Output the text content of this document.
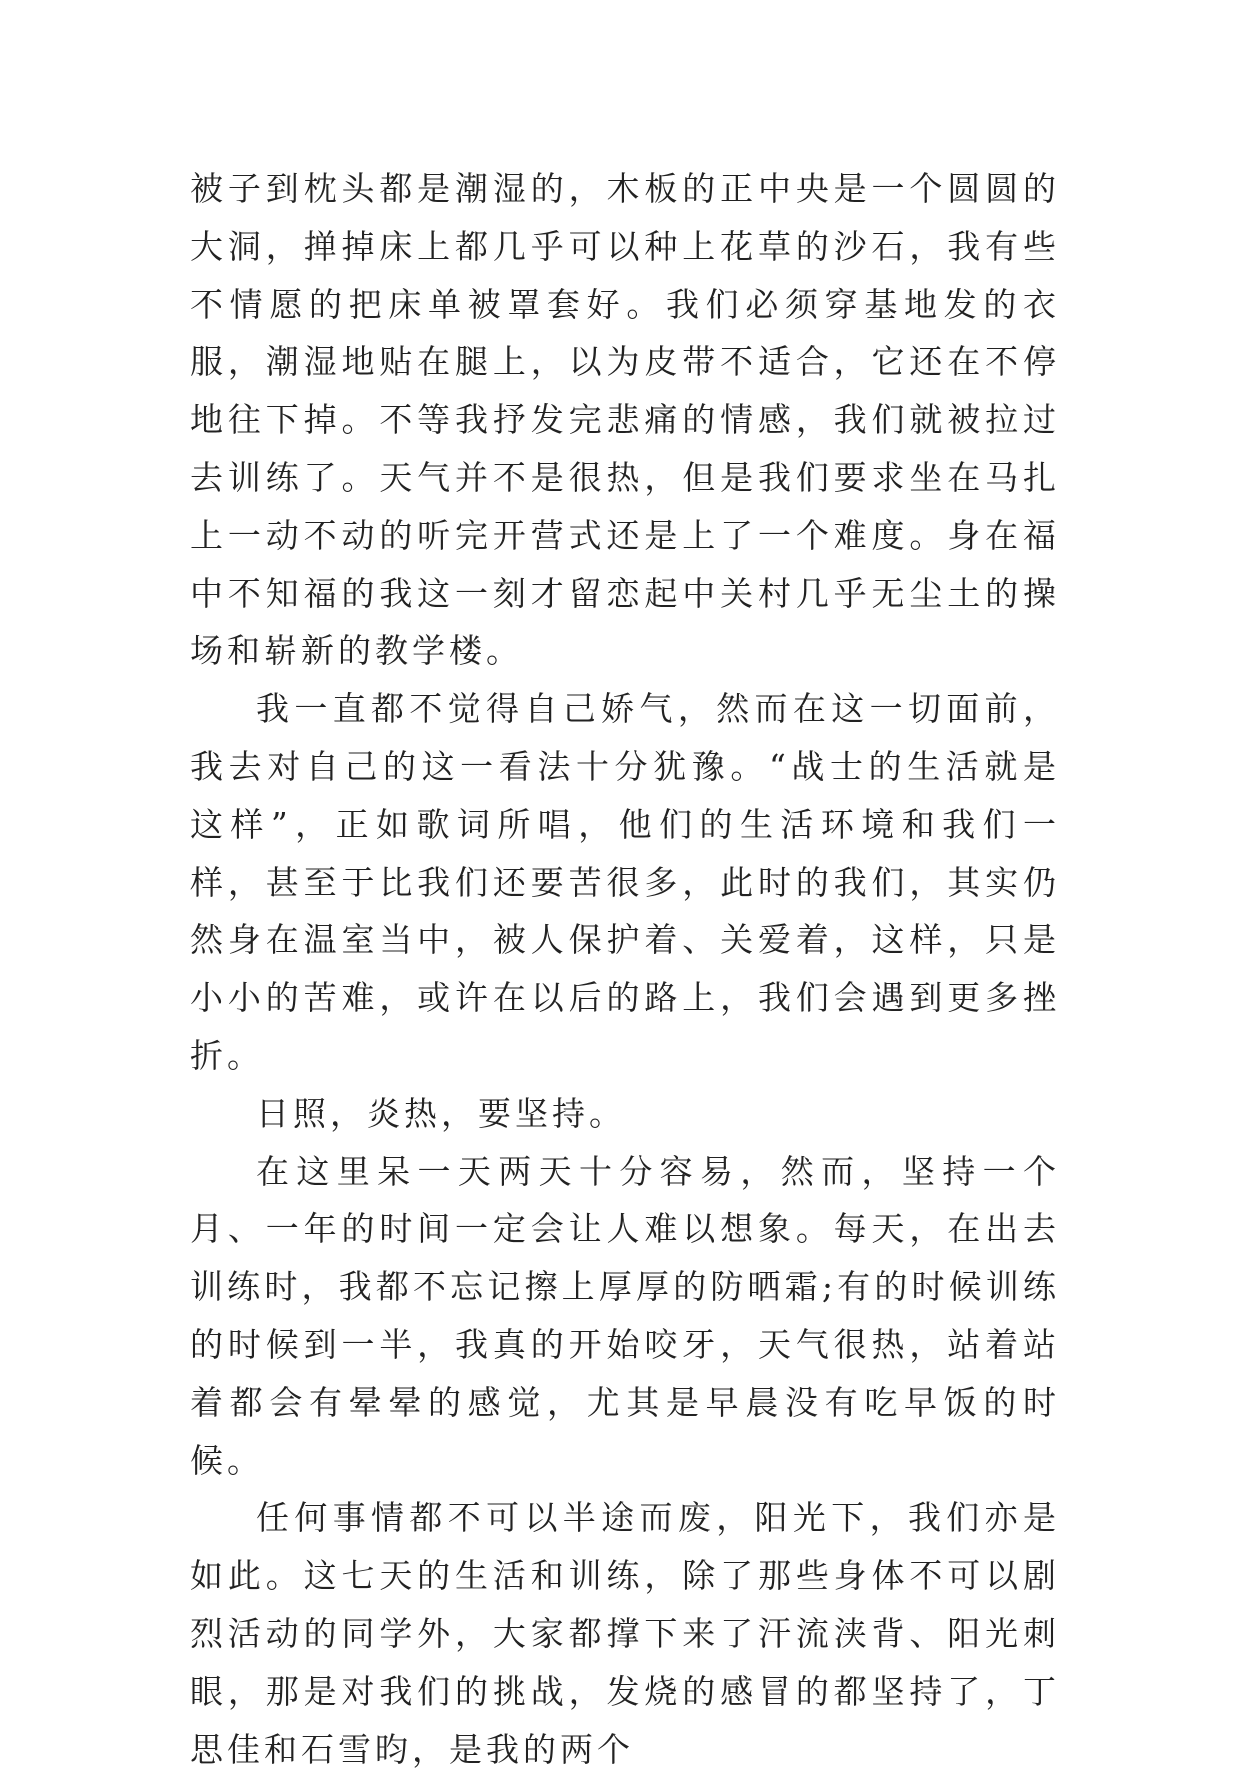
被子到枕头都是潮湿的，木板的正中央是一个圆圆的大洞，掸掉床上都几乎可以种上花草的沙石，我有些不情愿的把床单被罩套好。我们必须穿基地发的衣服，潮湿地贴在腿上，以为皮带不适合，它还在不停地往下掉。不等我抒发完悲痛的情感，我们就被拉过去训练了。天气并不是很热，但是我们要求坐在马扎上一动不动的听完开营式还是上了一个难度。身在福中不知福的我这一刻才留恋起中关村几乎无尘土的操场和崭新的教学楼。

我一直都不觉得自己娇气，然而在这一切面前，我去对自己的这一看法十分犹豫。“战士的生活就是这样”，正如歌词所唱，他们的生活环境和我们一样，甚至于比我们还要苦很多，此时的我们，其实仍然身在温室当中，被人保护着、关爱着，这样，只是小小的苦难，或许在以后的路上，我们会遇到更多挫折。

日照，炎热，要坚持。

在这里呆一天两天十分容易，然而，坚持一个月、一年的时间一定会让人难以想象。每天，在出去训练时，我都不忘记擦上厚厚的防晒霜;有的时候训练的时候到一半，我真的开始咬牙，天气很热，站着站着都会有晕晕的感觉，尤其是早晨没有吃早饭的时候。

任何事情都不可以半途而废，阳光下，我们亦是如此。这七天的生活和训练，除了那些身体不可以剧烈活动的同学外，大家都撑下来了汗流浃背、阳光刺眼，那是对我们的挑战，发烧的感冒的都坚持了，丁思佳和石雪昀，是我的两个
